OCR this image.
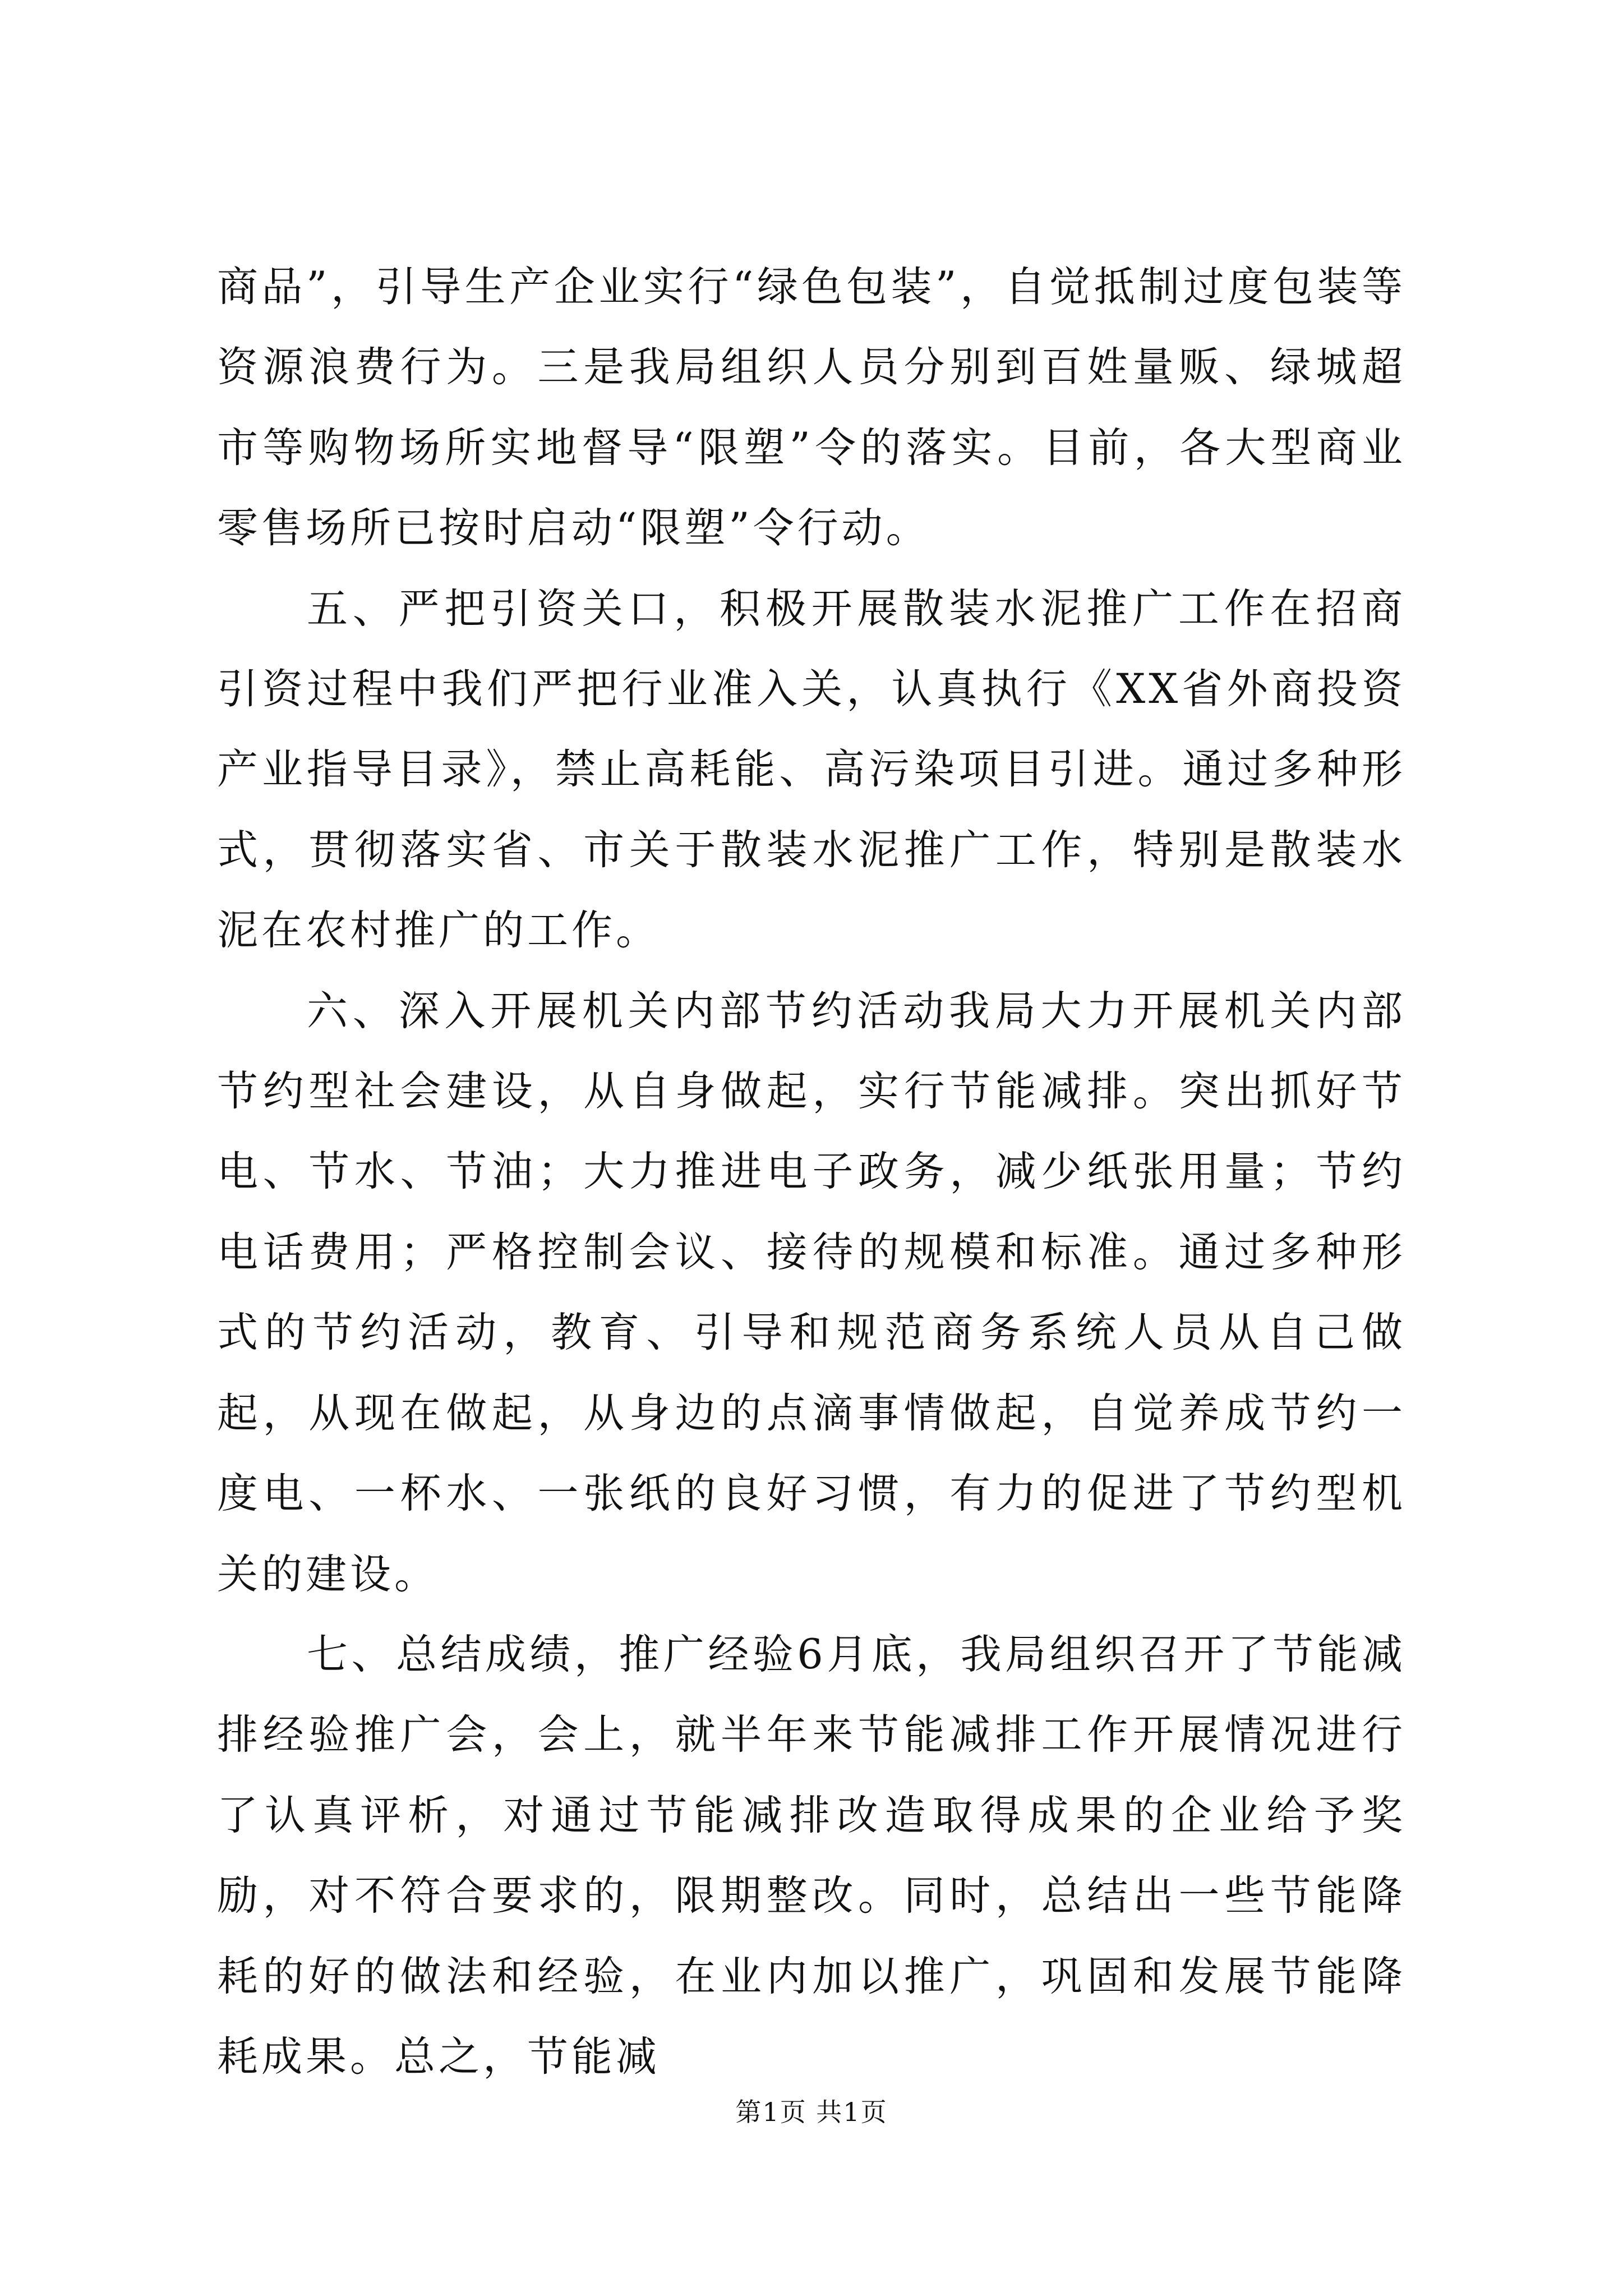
商品”，引导生产企业实行“绿色包装”，自觉抵制过度包装等资源浪费行为。三是我局组织人员分别到百姓量贩、绿城超市等购物场所实地督导“限塑”令的落实。目前，各大型商业零售场所已按时启动“限塑”令行动。

五、严把引资关口，积极开展散装水泥推广工作在招商引资过程中我们严把行业准入关，认真执行《XX省外商投资产业指导目录》，禁止高耗能、高污染项目引进。通过多种形式，贯彻落实省、市关于散装水泥推广工作，特别是散装水泥在农村推广的工作。

六、深入开展机关内部节约活动我局大力开展机关内部节约型社会建设，从自身做起，实行节能减排。突出抓好节电、节水、节油；大力推进电子政务，减少纸张用量；节约电话费用；严格控制会议、接待的规模和标准。通过多种形式的节约活动，教育、引导和规范商务系统人员从自己做起，从现在做起，从身边的点滴事情做起，自觉养成节约一度电、一杯水、一张纸的良好习惯，有力的促进了节约型机关的建设。

七、总结成绩，推广经验6月底，我局组织召开了节能减排经验推广会，会上，就半年来节能减排工作开展情况进行了认真评析，对通过节能减排改造取得成果的企业给予奖励，对不符合要求的，限期整改。同时，总结出一些节能降耗的好的做法和经验，在业内加以推广，巩固和发展节能降耗成果。总之，节能减

第1页 共1页
